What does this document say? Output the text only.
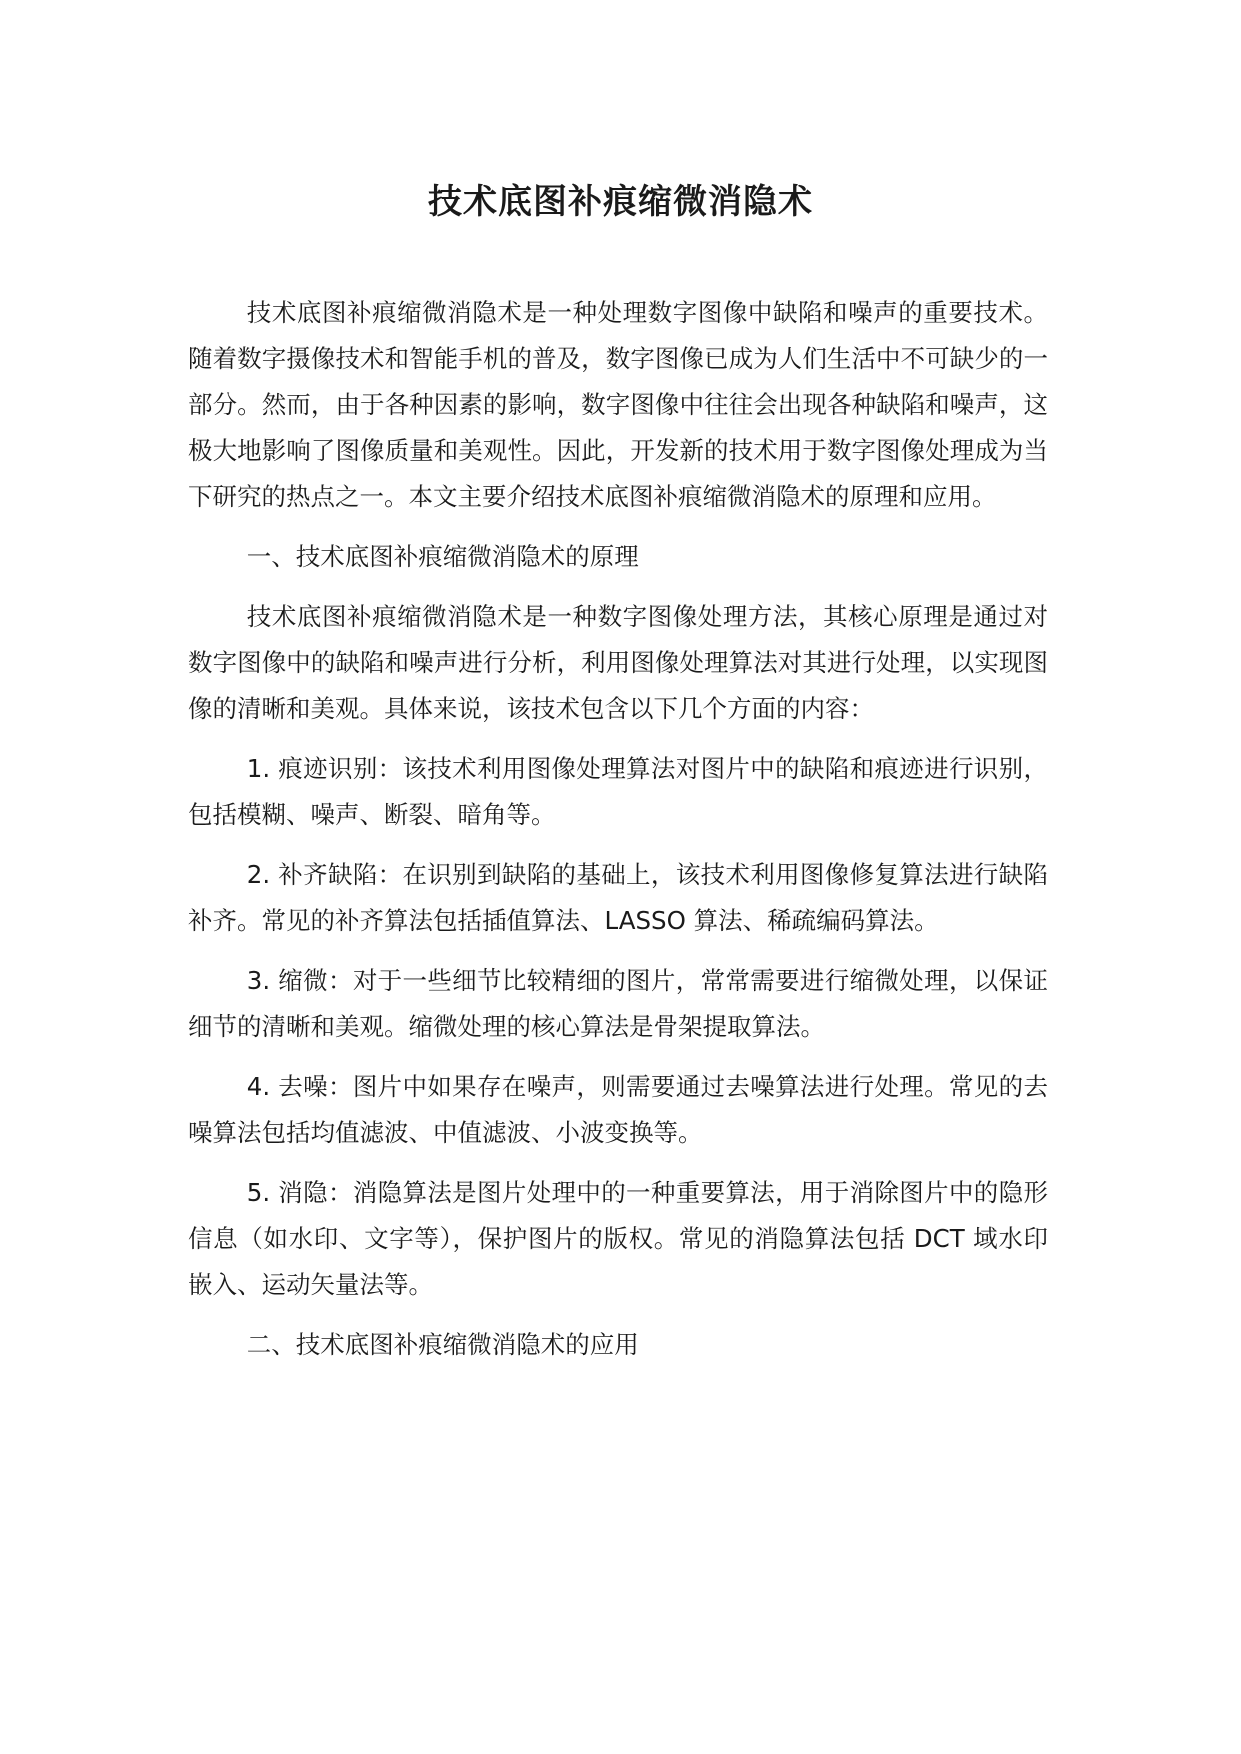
技术底图补痕缩微消隐术

技术底图补痕缩微消隐术是一种处理数字图像中缺陷和噪声的重要技术。随着数字摄像技术和智能手机的普及，数字图像已成为人们生活中不可缺少的一部分。然而，由于各种因素的影响，数字图像中往往会出现各种缺陷和噪声，这极大地影响了图像质量和美观性。因此，开发新的技术用于数字图像处理成为当下研究的热点之一。本文主要介绍技术底图补痕缩微消隐术的原理和应用。

一、技术底图补痕缩微消隐术的原理

技术底图补痕缩微消隐术是一种数字图像处理方法，其核心原理是通过对数字图像中的缺陷和噪声进行分析，利用图像处理算法对其进行处理，以实现图像的清晰和美观。具体来说，该技术包含以下几个方面的内容：

1. 痕迹识别：该技术利用图像处理算法对图片中的缺陷和痕迹进行识别，包括模糊、噪声、断裂、暗角等。

2. 补齐缺陷：在识别到缺陷的基础上，该技术利用图像修复算法进行缺陷补齐。常见的补齐算法包括插值算法、LASSO 算法、稀疏编码算法。

3. 缩微：对于一些细节比较精细的图片，常常需要进行缩微处理，以保证细节的清晰和美观。缩微处理的核心算法是骨架提取算法。

4. 去噪：图片中如果存在噪声，则需要通过去噪算法进行处理。常见的去噪算法包括均值滤波、中值滤波、小波变换等。

5. 消隐：消隐算法是图片处理中的一种重要算法，用于消除图片中的隐形信息（如水印、文字等），保护图片的版权。常见的消隐算法包括 DCT 域水印嵌入、运动矢量法等。

二、技术底图补痕缩微消隐术的应用
